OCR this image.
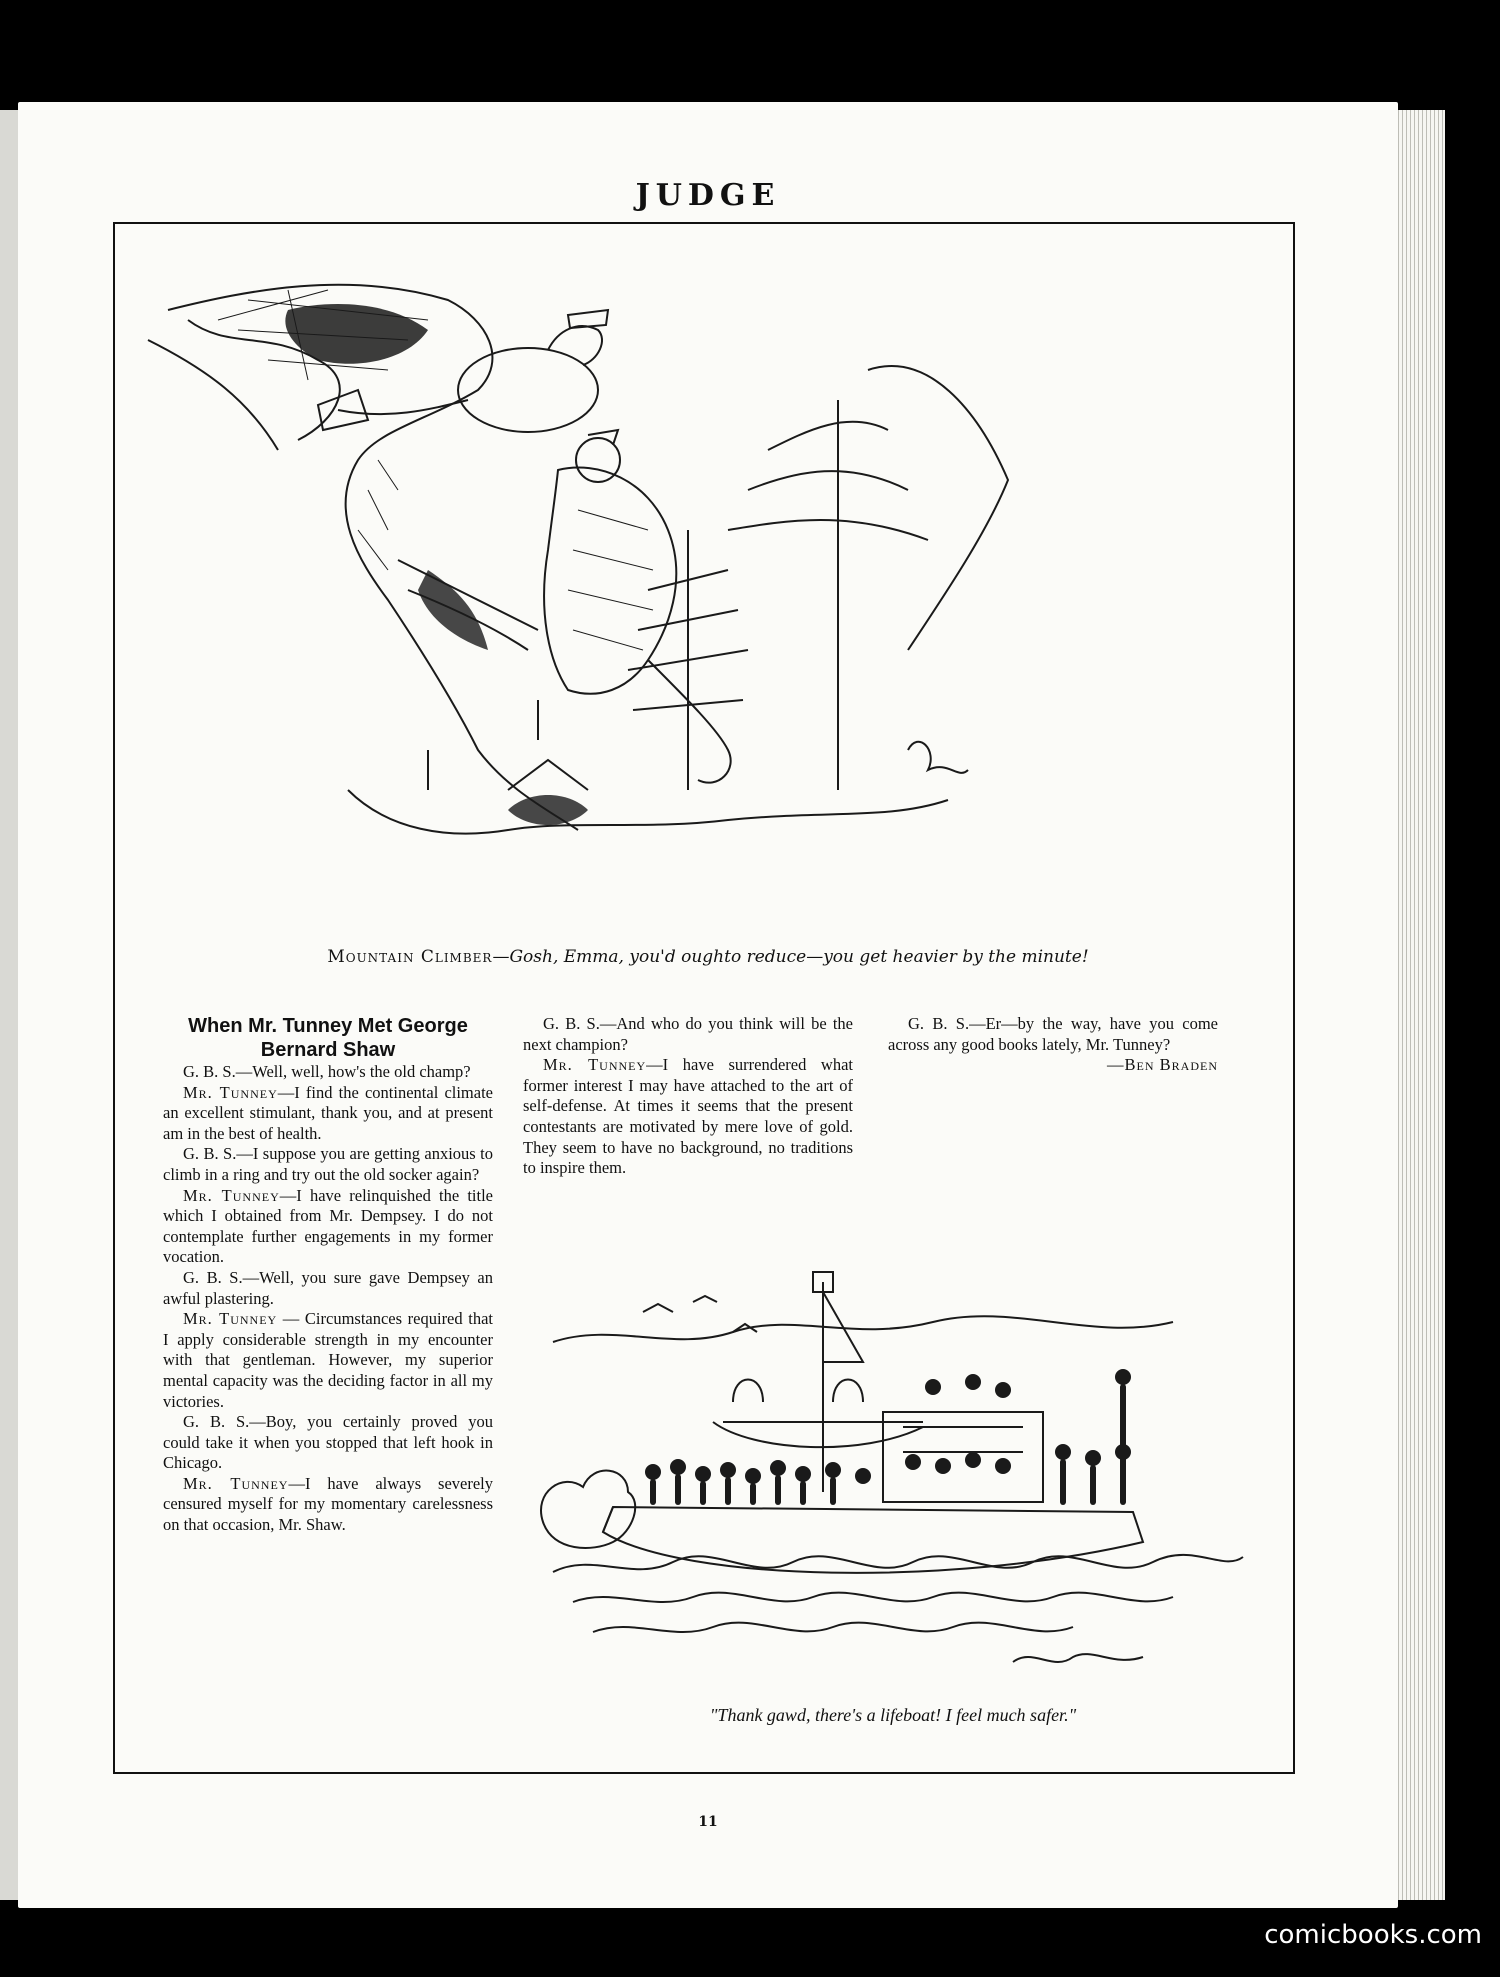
JUDGE
Mountain Climber—Gosh, Emma, you'd oughto reduce—you get heavier by the minute!

When Mr. Tunney Met George Bernard Shaw

G. B. S.—Well, well, how's the old champ?

Mr. Tunney—I find the continental climate an excellent stimulant, thank you, and at present am in the best of health.

G. B. S.—I suppose you are getting anxious to climb in a ring and try out the old socker again?

Mr. Tunney—I have relinquished the title which I obtained from Mr. Dempsey. I do not contemplate further engagements in my former vocation.

G. B. S.—Well, you sure gave Dempsey an awful plastering.

Mr. Tunney — Circumstances required that I apply considerable strength in my encounter with that gentleman. However, my superior mental capacity was the deciding factor in all my victories.

G. B. S.—Boy, you certainly proved you could take it when you stopped that left hook in Chicago.

Mr. Tunney—I have always severely censured myself for my momentary carelessness on that occasion, Mr. Shaw.

G. B. S.—And who do you think will be the next champion?

Mr. Tunney—I have surrendered what former interest I may have attached to the art of self-defense. At times it seems that the present contestants are motivated by mere love of gold. They seem to have no background, no traditions to inspire them.

G. B. S.—Er—by the way, have you come across any good books lately, Mr. Tunney?

—Ben Braden

"Thank gawd, there's a lifeboat! I feel much safer."
11
comicbooks.com
